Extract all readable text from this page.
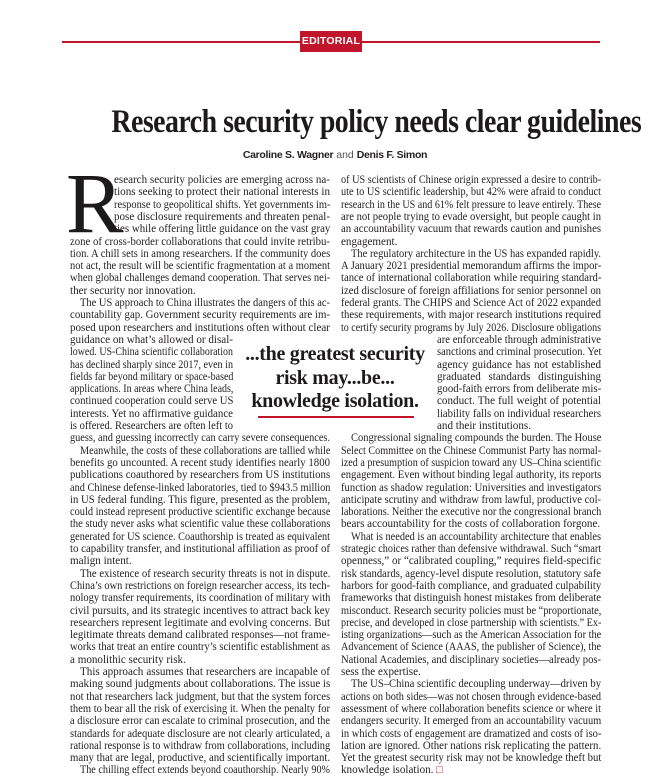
EDITORIAL
Research security policy needs clear guidelines
Caroline S. Wagner and Denis F. Simon
R
...the greatest security
risk may...be...
knowledge isolation.
esearch security policies are emerging across na-
tions seeking to protect their national interests in
response to geopolitical shifts. Yet governments im-
pose disclosure requirements and threaten penal-
ties while offering little guidance on the vast gray
zone of cross-border collaborations that could invite retribu-
tion. A chill sets in among researchers. If the community does
not act, the result will be scientific fragmentation at a moment
when global challenges demand cooperation. That serves nei-
ther security nor innovation.
The US approach to China illustrates the dangers of this ac-
countability gap. Government security requirements are im-
posed upon researchers and institutions often without clear
guidance on what’s allowed or disal-
lowed. US-China scientific collaboration
has declined sharply since 2017, even in
fields far beyond military or space-based
applications. In areas where China leads,
continued cooperation could serve US
interests. Yet no affirmative guidance
is offered. Researchers are often left to
guess, and guessing incorrectly can carry severe consequences.
Meanwhile, the costs of these collaborations are tallied while
benefits go uncounted. A recent study identifies nearly 1800
publications coauthored by researchers from US institutions
and Chinese defense-linked laboratories, tied to $943.5 million
in US federal funding. This figure, presented as the problem,
could instead represent productive scientific exchange because
the study never asks what scientific value these collaborations
generated for US science. Coauthorship is treated as equivalent
to capability transfer, and institutional affiliation as proof of
malign intent.
The existence of research security threats is not in dispute.
China’s own restrictions on foreign researcher access, its tech-
nology transfer requirements, its coordination of military with
civil pursuits, and its strategic incentives to attract back key
researchers represent legitimate and evolving concerns. But
legitimate threats demand calibrated responses—not frame-
works that treat an entire country’s scientific establishment as
a monolithic security risk.
This approach assumes that researchers are incapable of
making sound judgments about collaborations. The issue is
not that researchers lack judgment, but that the system forces
them to bear all the risk of exercising it. When the penalty for
a disclosure error can escalate to criminal prosecution, and the
standards for adequate disclosure are not clearly articulated, a
rational response is to withdraw from collaborations, including
many that are legal, productive, and scientifically important.
The chilling effect extends beyond coauthorship. Nearly 90%
of US scientists of Chinese origin expressed a desire to contrib-
ute to US scientific leadership, but 42% were afraid to conduct
research in the US and 61% felt pressure to leave entirely. These
are not people trying to evade oversight, but people caught in
an accountability vacuum that rewards caution and punishes
engagement.
The regulatory architecture in the US has expanded rapidly.
A January 2021 presidential memorandum affirms the impor-
tance of international collaboration while requiring standard-
ized disclosure of foreign affiliations for senior personnel on
federal grants. The CHIPS and Science Act of 2022 expanded
these requirements, with major research institutions required
to certify security programs by July 2026. Disclosure obligations
are enforceable through administrative
sanctions and criminal prosecution. Yet
agency guidance has not established
graduated standards distinguishing
good-faith errors from deliberate mis-
conduct. The full weight of potential
liability falls on individual researchers
and their institutions.
Congressional signaling compounds the burden. The House
Select Committee on the Chinese Communist Party has normal-
ized a presumption of suspicion toward any US–China scientific
engagement. Even without binding legal authority, its reports
function as shadow regulation: Universities and investigators
anticipate scrutiny and withdraw from lawful, productive col-
laborations. Neither the executive nor the congressional branch
bears accountability for the costs of collaboration forgone.
What is needed is an accountability architecture that enables
strategic choices rather than defensive withdrawal. Such “smart
openness,” or “calibrated coupling,” requires field-specific
risk standards, agency-level dispute resolution, statutory safe
harbors for good-faith compliance, and graduated culpability
frameworks that distinguish honest mistakes from deliberate
misconduct. Research security policies must be “proportionate,
precise, and developed in close partnership with scientists.” Ex-
isting organizations—such as the American Association for the
Advancement of Science (AAAS, the publisher of Science), the
National Academies, and disciplinary societies—already pos-
sess the expertise.
The US–China scientific decoupling underway—driven by
actions on both sides—was not chosen through evidence-based
assessment of where collaboration benefits science or where it
endangers security. It emerged from an accountability vacuum
in which costs of engagement are dramatized and costs of iso-
lation are ignored. Other nations risk replicating the pattern.
Yet the greatest security risk may not be knowledge theft but
knowledge isolation. □
